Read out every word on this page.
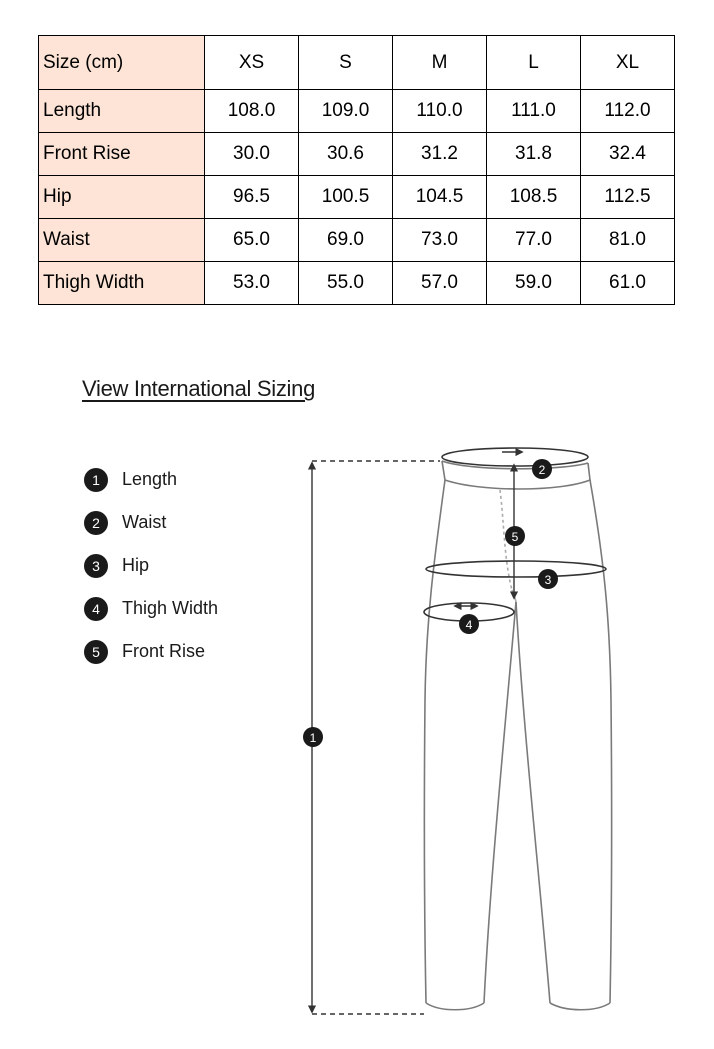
Size (cm)	XS	S	M	L	XL
Length	108.0	109.0	110.0	111.0	112.0
Front Rise	30.0	30.6	31.2	31.8	32.4
Hip	96.5	100.5	104.5	108.5	112.5
Waist	65.0	69.0	73.0	77.0	81.0
Thigh Width	53.0	55.0	57.0	59.0	61.0
View International Sizing
1	Length
2	Waist
3	Hip
4	Thigh Width
5	Front Rise
1
2
3
4
5
